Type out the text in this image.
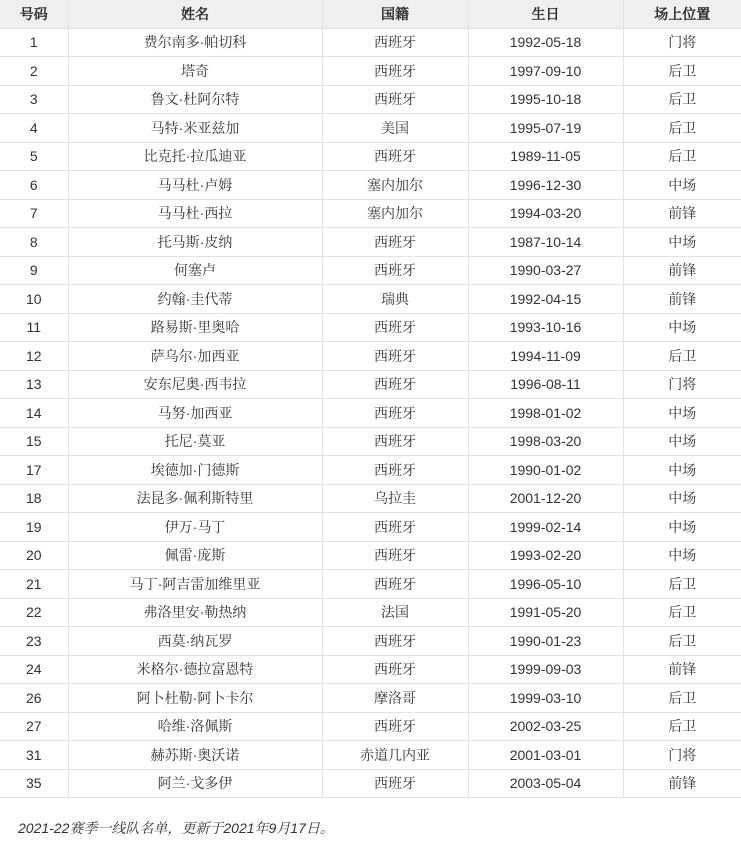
号码	姓名	国籍	生日	场上位置
1	费尔南多·帕切科	西班牙	1992-05-18	门将
2	塔奇	西班牙	1997-09-10	后卫
3	鲁文·杜阿尔特	西班牙	1995-10-18	后卫
4	马特·米亚兹加	美国	1995-07-19	后卫
5	比克托·拉瓜迪亚	西班牙	1989-11-05	后卫
6	马马杜·卢姆	塞内加尔	1996-12-30	中场
7	马马杜·西拉	塞内加尔	1994-03-20	前锋
8	托马斯·皮纳	西班牙	1987-10-14	中场
9	何塞卢	西班牙	1990-03-27	前锋
10	约翰·圭代蒂	瑞典	1992-04-15	前锋
11	路易斯·里奥哈	西班牙	1993-10-16	中场
12	萨乌尔·加西亚	西班牙	1994-11-09	后卫
13	安东尼奥·西韦拉	西班牙	1996-08-11	门将
14	马努·加西亚	西班牙	1998-01-02	中场
15	托尼·莫亚	西班牙	1998-03-20	中场
17	埃德加·门德斯	西班牙	1990-01-02	中场
18	法昆多·佩利斯特里	乌拉圭	2001-12-20	中场
19	伊万·马丁	西班牙	1999-02-14	中场
20	佩雷·庞斯	西班牙	1993-02-20	中场
21	马丁·阿吉雷加维里亚	西班牙	1996-05-10	后卫
22	弗洛里安·勒热纳	法国	1991-05-20	后卫
23	西莫·纳瓦罗	西班牙	1990-01-23	后卫
24	米格尔·德拉富恩特	西班牙	1999-09-03	前锋
26	阿卜杜勒·阿卜卡尔	摩洛哥	1999-03-10	后卫
27	哈维·洛佩斯	西班牙	2002-03-25	后卫
31	赫苏斯·奥沃诺	赤道几内亚	2001-03-01	门将
35	阿兰·戈多伊	西班牙	2003-05-04	前锋
2021-22赛季一线队名单，更新于2021年9月17日。
